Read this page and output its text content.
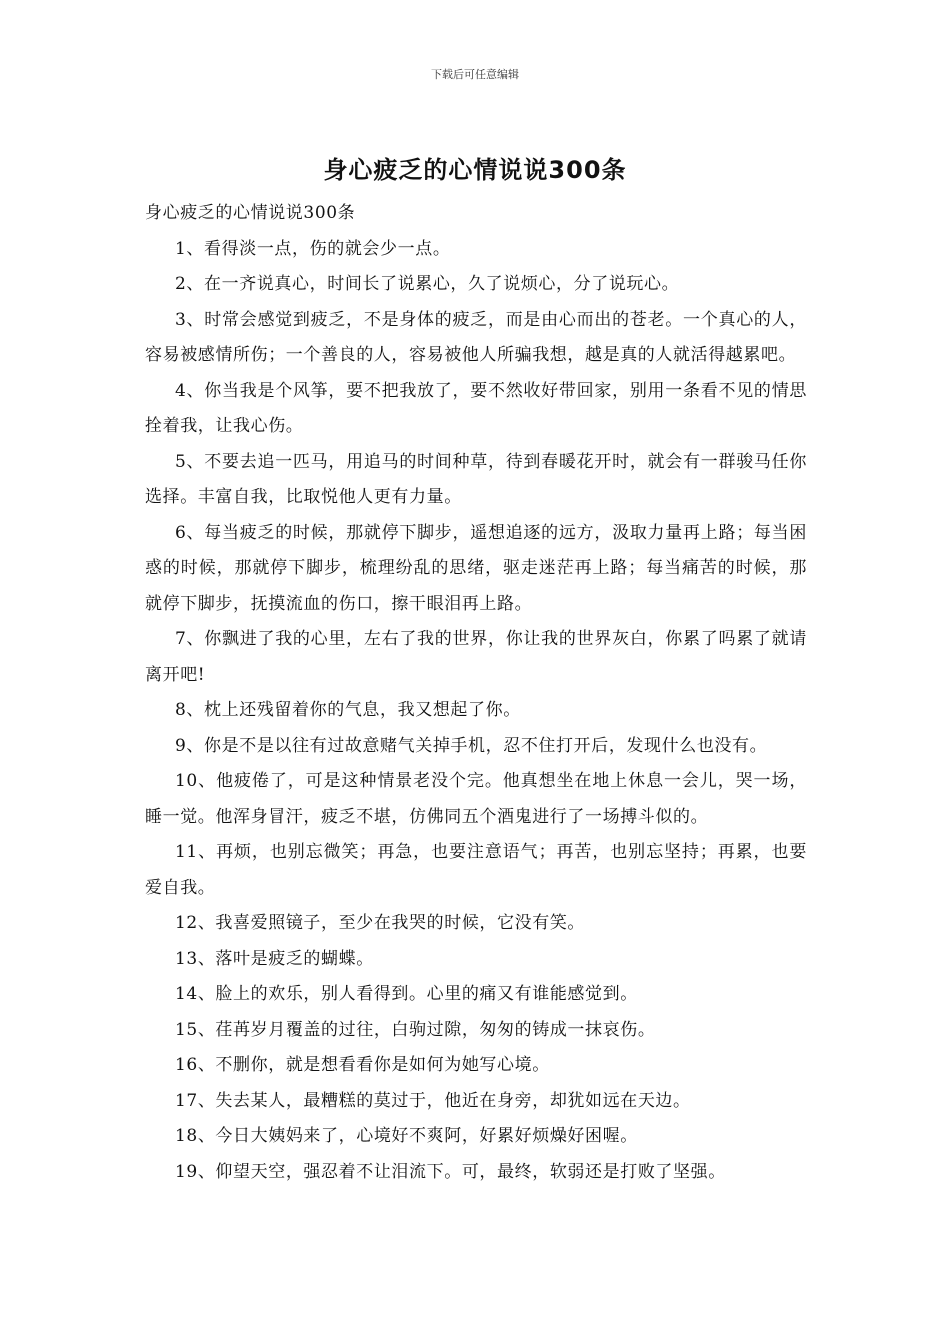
下载后可任意编辑
身心疲乏的心情说说300条

身心疲乏的心情说说300条

1、看得淡一点，伤的就会少一点。

2、在一齐说真心，时间长了说累心，久了说烦心，分了说玩心。

3、时常会感觉到疲乏，不是身体的疲乏，而是由心而出的苍老。一个真心的人，容易被感情所伤；一个善良的人，容易被他人所骗我想，越是真的人就活得越累吧。

4、你当我是个风筝，要不把我放了，要不然收好带回家，别用一条看不见的情思拴着我，让我心伤。

5、不要去追一匹马，用追马的时间种草，待到春暖花开时，就会有一群骏马任你选择。丰富自我，比取悦他人更有力量。

6、每当疲乏的时候，那就停下脚步，遥想追逐的远方，汲取力量再上路；每当困惑的时候，那就停下脚步，梳理纷乱的思绪，驱走迷茫再上路；每当痛苦的时候，那就停下脚步，抚摸流血的伤口，擦干眼泪再上路。

7、你飘进了我的心里，左右了我的世界，你让我的世界灰白，你累了吗累了就请离开吧!

8、枕上还残留着你的气息，我又想起了你。

9、你是不是以往有过故意赌气关掉手机，忍不住打开后，发现什么也没有。

10、他疲倦了，可是这种情景老没个完。他真想坐在地上休息一会儿，哭一场，睡一觉。他浑身冒汗，疲乏不堪，仿佛同五个酒鬼进行了一场搏斗似的。

11、再烦，也别忘微笑；再急，也要注意语气；再苦，也别忘坚持；再累，也要爱自我。

12、我喜爱照镜子，至少在我哭的时候，它没有笑。

13、落叶是疲乏的蝴蝶。

14、脸上的欢乐，别人看得到。心里的痛又有谁能感觉到。

15、荏苒岁月覆盖的过往，白驹过隙，匆匆的铸成一抹哀伤。

16、不删你，就是想看看你是如何为她写心境。

17、失去某人，最糟糕的莫过于，他近在身旁，却犹如远在天边。

18、今日大姨妈来了，心境好不爽阿，好累好烦燥好困喔。

19、仰望天空，强忍着不让泪流下。可，最终，软弱还是打败了坚强。
